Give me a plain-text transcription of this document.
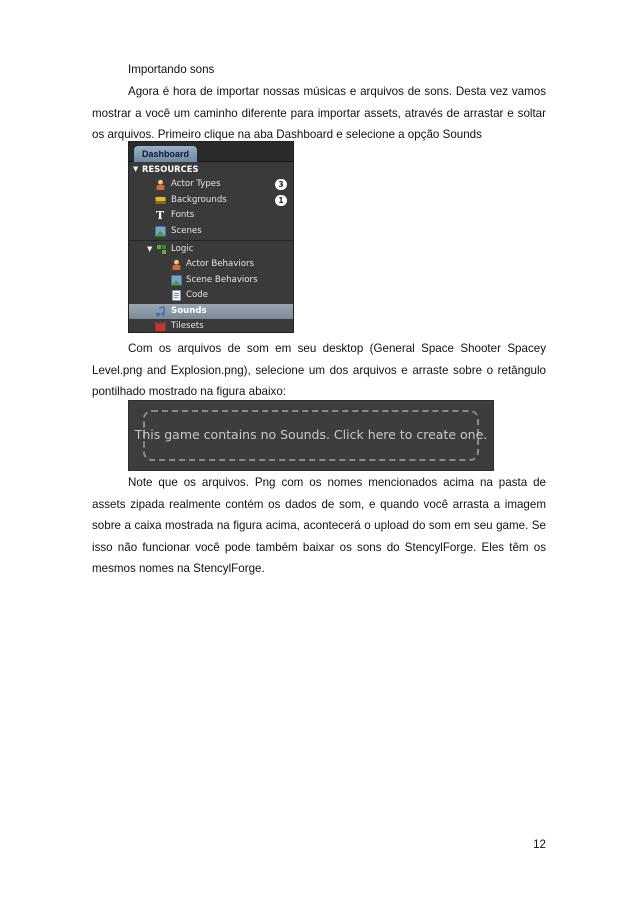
Importando sons

Agora é hora de importar nossas músicas e arquivos de sons. Desta vez vamos mostrar a você um caminho diferente para importar assets, através de arrastar e soltar os arquivos. Primeiro clique na aba Dashboard e selecione a opção Sounds

Dashboard
▼ RESOURCES
Actor Types	3
Backgrounds	1
T Fonts
Scenes
▼ Logic
Actor Behaviors
Scene Behaviors
Code
Sounds
Tilesets

Com os arquivos de som em seu desktop (General Space Shooter Spacey Level.png and Explosion.png), selecione um dos arquivos e arraste sobre o retângulo pontilhado mostrado na figura abaixo:

This game contains no Sounds. Click here to create one.

Note que os arquivos. Png com os nomes mencionados acima na pasta de assets zipada realmente contém os dados de som, e quando você arrasta a imagem sobre a caixa mostrada na figura acima, acontecerá o upload do som em seu game. Se isso não funcionar você pode também baixar os sons do StencylForge. Eles têm os mesmos nomes na StencylForge.

12
